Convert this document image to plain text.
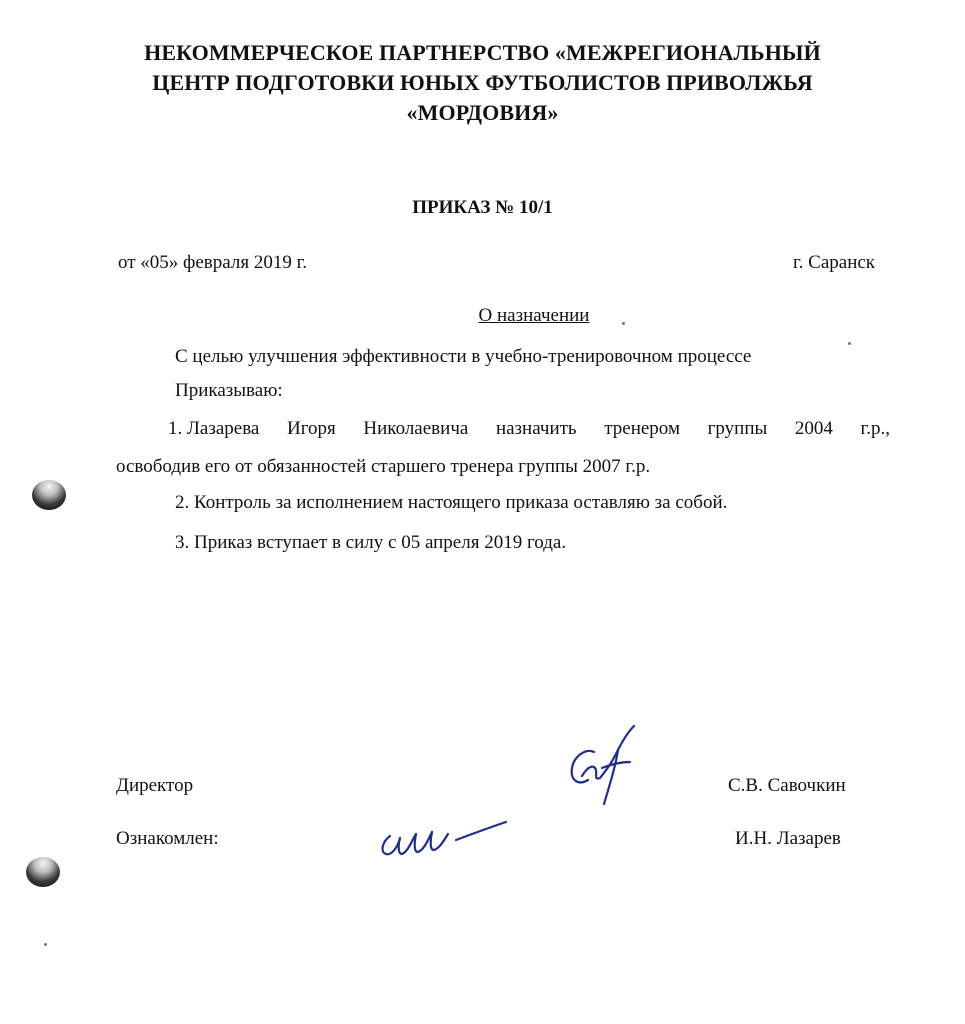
НЕКОММЕРЧЕСКОЕ ПАРТНЕРСТВО «МЕЖРЕГИОНАЛЬНЫЙ
ЦЕНТР ПОДГОТОВКИ ЮНЫХ ФУТБОЛИСТОВ ПРИВОЛЖЬЯ
«МОРДОВИЯ»
ПРИКАЗ № 10/1
от «05» февраля 2019 г.	г. Саранск
О назначении
С целью улучшения эффективности в учебно-тренировочном процессе
Приказываю:
1. Лазарева Игоря Николаевича назначить тренером группы 2004 г.р.,
освободив его от обязанностей старшего тренера группы 2007 г.р.
2. Контроль за исполнением настоящего приказа оставляю за собой.
3. Приказ вступает в силу с 05 апреля 2019 года.
Директор	С.В. Савочкин
Ознакомлен:	И.Н. Лазарев
